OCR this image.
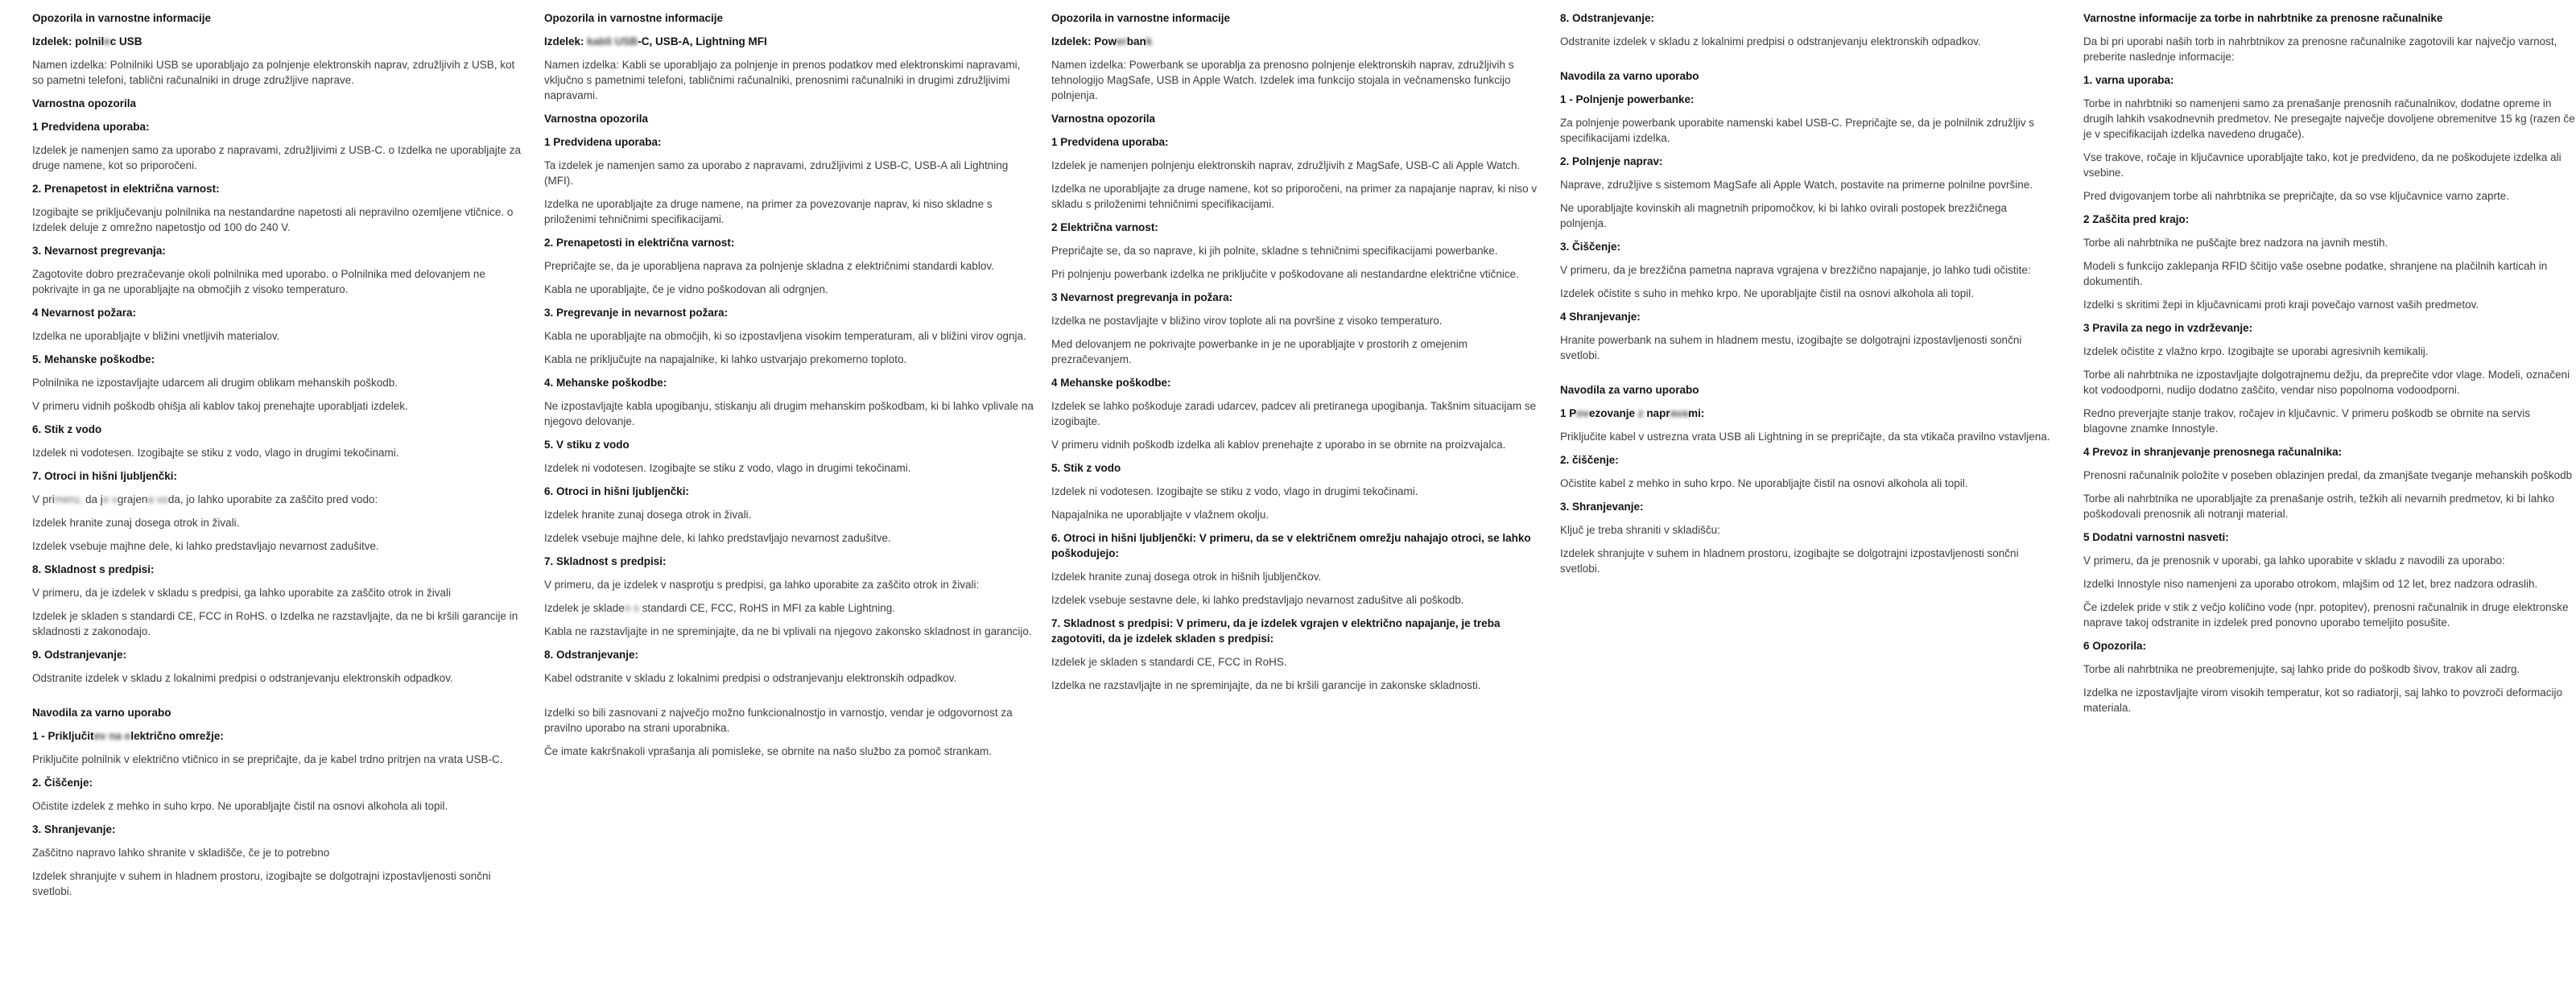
Opozorila in varnostne informacije
Izdelek: polnilec USB

Namen izdelka: Polnilniki USB se uporabljajo za polnjenje elektronskih naprav, združljivih z USB, kot so pametni telefoni, tablični računalniki in druge združljive naprave.

Varnostna opozorila
1 Predvidena uporaba:

Izdelek je namenjen samo za uporabo z napravami, združljivimi z USB-C. o Izdelka ne uporabljajte za druge namene, kot so priporočeni.

2. Prenapetost in električna varnost:

Izogibajte se priključevanju polnilnika na nestandardne napetosti ali nepravilno ozemljene vtičnice. o Izdelek deluje z omrežno napetostjo od 100 do 240 V.

3. Nevarnost pregrevanja:

Zagotovite dobro prezračevanje okoli polnilnika med uporabo. o Polnilnika med delovanjem ne pokrivajte in ga ne uporabljajte na območjih z visoko temperaturo.

4 Nevarnost požara:

Izdelka ne uporabljajte v bližini vnetljivih materialov.

5. Mehanske poškodbe:

Polnilnika ne izpostavljajte udarcem ali drugim oblikam mehanskih poškodb.

V primeru vidnih poškodb ohišja ali kablov takoj prenehajte uporabljati izdelek.

6. Stik z vodo

Izdelek ni vodotesen. Izogibajte se stiku z vodo, vlago in drugimi tekočinami.

7. Otroci in hišni ljubljenčki:

V primeru, da je vgrajena voda, jo lahko uporabite za zaščito pred vodo:

Izdelek hranite zunaj dosega otrok in živali.

Izdelek vsebuje majhne dele, ki lahko predstavljajo nevarnost zadušitve.

8. Skladnost s predpisi:

V primeru, da je izdelek v skladu s predpisi, ga lahko uporabite za zaščito otrok in živali

Izdelek je skladen s standardi CE, FCC in RoHS. o Izdelka ne razstavljajte, da ne bi kršili garancije in skladnosti z zakonodajo.

9. Odstranjevanje:

Odstranite izdelek v skladu z lokalnimi predpisi o odstranjevanju elektronskih odpadkov.

Navodila za varno uporabo
1 - Priključitev na električno omrežje:

Priključite polnilnik v električno vtičnico in se prepričajte, da je kabel trdno pritrjen na vrata USB-C.

2. Čiščenje:

Očistite izdelek z mehko in suho krpo. Ne uporabljajte čistil na osnovi alkohola ali topil.

3. Shranjevanje:

Zaščitno napravo lahko shranite v skladišče, če je to potrebno

Izdelek shranjujte v suhem in hladnem prostoru, izogibajte se dolgotrajni izpostavljenosti sončni svetlobi.

Opozorila in varnostne informacije
Izdelek: kabli USB-C, USB-A, Lightning MFI

Namen izdelka: Kabli se uporabljajo za polnjenje in prenos podatkov med elektronskimi napravami, vključno s pametnimi telefoni, tabličnimi računalniki, prenosnimi računalniki in drugimi združljivimi napravami.

Varnostna opozorila
1 Predvidena uporaba:

Ta izdelek je namenjen samo za uporabo z napravami, združljivimi z USB-C, USB-A ali Lightning (MFI).

Izdelka ne uporabljajte za druge namene, na primer za povezovanje naprav, ki niso skladne s priloženimi tehničnimi specifikacijami.

2. Prenapetosti in električna varnost:

Prepričajte se, da je uporabljena naprava za polnjenje skladna z električnimi standardi kablov.

Kabla ne uporabljajte, če je vidno poškodovan ali odrgnjen.

3. Pregrevanje in nevarnost požara:

Kabla ne uporabljajte na območjih, ki so izpostavljena visokim temperaturam, ali v bližini virov ognja.

Kabla ne priključujte na napajalnike, ki lahko ustvarjajo prekomerno toploto.

4. Mehanske poškodbe:

Ne izpostavljajte kabla upogibanju, stiskanju ali drugim mehanskim poškodbam, ki bi lahko vplivale na njegovo delovanje.

5. V stiku z vodo

Izdelek ni vodotesen. Izogibajte se stiku z vodo, vlago in drugimi tekočinami.

6. Otroci in hišni ljubljenčki:

Izdelek hranite zunaj dosega otrok in živali.

Izdelek vsebuje majhne dele, ki lahko predstavljajo nevarnost zadušitve.

7. Skladnost s predpisi:

V primeru, da je izdelek v nasprotju s predpisi, ga lahko uporabite za zaščito otrok in živali:

Izdelek je skladen s standardi CE, FCC, RoHS in MFI za kable Lightning.

Kabla ne razstavljajte in ne spreminjajte, da ne bi vplivali na njegovo zakonsko skladnost in garancijo.

8. Odstranjevanje:

Kabel odstranite v skladu z lokalnimi predpisi o odstranjevanju elektronskih odpadkov.

Izdelki so bili zasnovani z največjo možno funkcionalnostjo in varnostjo, vendar je odgovornost za pravilno uporabo na strani uporabnika.

Če imate kakršnakoli vprašanja ali pomisleke, se obrnite na našo službo za pomoč strankam.

Opozorila in varnostne informacije
Izdelek: Powerbank

Namen izdelka: Powerbank se uporablja za prenosno polnjenje elektronskih naprav, združljivih s tehnologijo MagSafe, USB in Apple Watch. Izdelek ima funkcijo stojala in večnamensko funkcijo polnjenja.

Varnostna opozorila
1 Predvidena uporaba:

Izdelek je namenjen polnjenju elektronskih naprav, združljivih z MagSafe, USB-C ali Apple Watch.

Izdelka ne uporabljajte za druge namene, kot so priporočeni, na primer za napajanje naprav, ki niso v skladu s priloženimi tehničnimi specifikacijami.

2 Električna varnost:

Prepričajte se, da so naprave, ki jih polnite, skladne s tehničnimi specifikacijami powerbanke.

Pri polnjenju powerbank izdelka ne priključite v poškodovane ali nestandardne električne vtičnice.

3 Nevarnost pregrevanja in požara:

Izdelka ne postavljajte v bližino virov toplote ali na površine z visoko temperaturo.

Med delovanjem ne pokrivajte powerbanke in je ne uporabljajte v prostorih z omejenim prezračevanjem.

4 Mehanske poškodbe:

Izdelek se lahko poškoduje zaradi udarcev, padcev ali pretiranega upogibanja. Takšnim situacijam se izogibajte.

V primeru vidnih poškodb izdelka ali kablov prenehajte z uporabo in se obrnite na proizvajalca.

5. Stik z vodo

Izdelek ni vodotesen. Izogibajte se stiku z vodo, vlago in drugimi tekočinami.

Napajalnika ne uporabljajte v vlažnem okolju.

6. Otroci in hišni ljubljenčki: V primeru, da se v električnem omrežju nahajajo otroci, se lahko poškodujejo:

Izdelek hranite zunaj dosega otrok in hišnih ljubljenčkov.

Izdelek vsebuje sestavne dele, ki lahko predstavljajo nevarnost zadušitve ali poškodb.

7. Skladnost s predpisi: V primeru, da je izdelek vgrajen v električno napajanje, je treba zagotoviti, da je izdelek skladen s predpisi:

Izdelek je skladen s standardi CE, FCC in RoHS.

Izdelka ne razstavljajte in ne spreminjajte, da ne bi kršili garancije in zakonske skladnosti.

8. Odstranjevanje:

Odstranite izdelek v skladu z lokalnimi predpisi o odstranjevanju elektronskih odpadkov.

Navodila za varno uporabo
1 - Polnjenje powerbanke:

Za polnjenje powerbank uporabite namenski kabel USB-C. Prepričajte se, da je polnilnik združljiv s specifikacijami izdelka.

2. Polnjenje naprav:

Naprave, združljive s sistemom MagSafe ali Apple Watch, postavite na primerne polnilne površine.

Ne uporabljajte kovinskih ali magnetnih pripomočkov, ki bi lahko ovirali postopek brezžičnega polnjenja.

3. Čiščenje:

V primeru, da je brezžična pametna naprava vgrajena v brezžično napajanje, jo lahko tudi očistite:

Izdelek očistite s suho in mehko krpo. Ne uporabljajte čistil na osnovi alkohola ali topil.

4 Shranjevanje:

Hranite powerbank na suhem in hladnem mestu, izogibajte se dolgotrajni izpostavljenosti sončni svetlobi.

Navodila za varno uporabo
1 Povezovanje z napravami:

Priključite kabel v ustrezna vrata USB ali Lightning in se prepričajte, da sta vtikača pravilno vstavljena.

2. čiščenje:

Očistite kabel z mehko in suho krpo. Ne uporabljajte čistil na osnovi alkohola ali topil.

3. Shranjevanje:

Ključ je treba shraniti v skladišču:

Izdelek shranjujte v suhem in hladnem prostoru, izogibajte se dolgotrajni izpostavljenosti sončni svetlobi.

Varnostne informacije za torbe in nahrbtnike za prenosne računalnike

Da bi pri uporabi naših torb in nahrbtnikov za prenosne računalnike zagotovili kar največjo varnost, preberite naslednje informacije:

1. varna uporaba:

Torbe in nahrbtniki so namenjeni samo za prenašanje prenosnih računalnikov, dodatne opreme in drugih lahkih vsakodnevnih predmetov. Ne presegajte največje dovoljene obremenitve 15 kg (razen če je v specifikacijah izdelka navedeno drugače).

Vse trakove, ročaje in ključavnice uporabljajte tako, kot je predvideno, da ne poškodujete izdelka ali vsebine.

Pred dvigovanjem torbe ali nahrbtnika se prepričajte, da so vse ključavnice varno zaprte.

2 Zaščita pred krajo:

Torbe ali nahrbtnika ne puščajte brez nadzora na javnih mestih.

Modeli s funkcijo zaklepanja RFID ščitijo vaše osebne podatke, shranjene na plačilnih karticah in dokumentih.

Izdelki s skritimi žepi in ključavnicami proti kraji povečajo varnost vaših predmetov.

3 Pravila za nego in vzdrževanje:

Izdelek očistite z vlažno krpo. Izogibajte se uporabi agresivnih kemikalij.

Torbe ali nahrbtnika ne izpostavljajte dolgotrajnemu dežju, da preprečite vdor vlage. Modeli, označeni kot vodoodporni, nudijo dodatno zaščito, vendar niso popolnoma vodoodporni.

Redno preverjajte stanje trakov, ročajev in ključavnic. V primeru poškodb se obrnite na servis blagovne znamke Innostyle.

4 Prevoz in shranjevanje prenosnega računalnika:

Prenosni računalnik položite v poseben oblazinjen predal, da zmanjšate tveganje mehanskih poškodb

Torbe ali nahrbtnika ne uporabljajte za prenašanje ostrih, težkih ali nevarnih predmetov, ki bi lahko poškodovali prenosnik ali notranji material.

5 Dodatni varnostni nasveti:

V primeru, da je prenosnik v uporabi, ga lahko uporabite v skladu z navodili za uporabo:

Izdelki Innostyle niso namenjeni za uporabo otrokom, mlajšim od 12 let, brez nadzora odraslih.

Če izdelek pride v stik z večjo količino vode (npr. potopitev), prenosni računalnik in druge elektronske naprave takoj odstranite in izdelek pred ponovno uporabo temeljito posušite.

6 Opozorila:

Torbe ali nahrbtnika ne preobremenjujte, saj lahko pride do poškodb šivov, trakov ali zadrg.

Izdelka ne izpostavljajte virom visokih temperatur, kot so radiatorji, saj lahko to povzroči deformacijo materiala.
